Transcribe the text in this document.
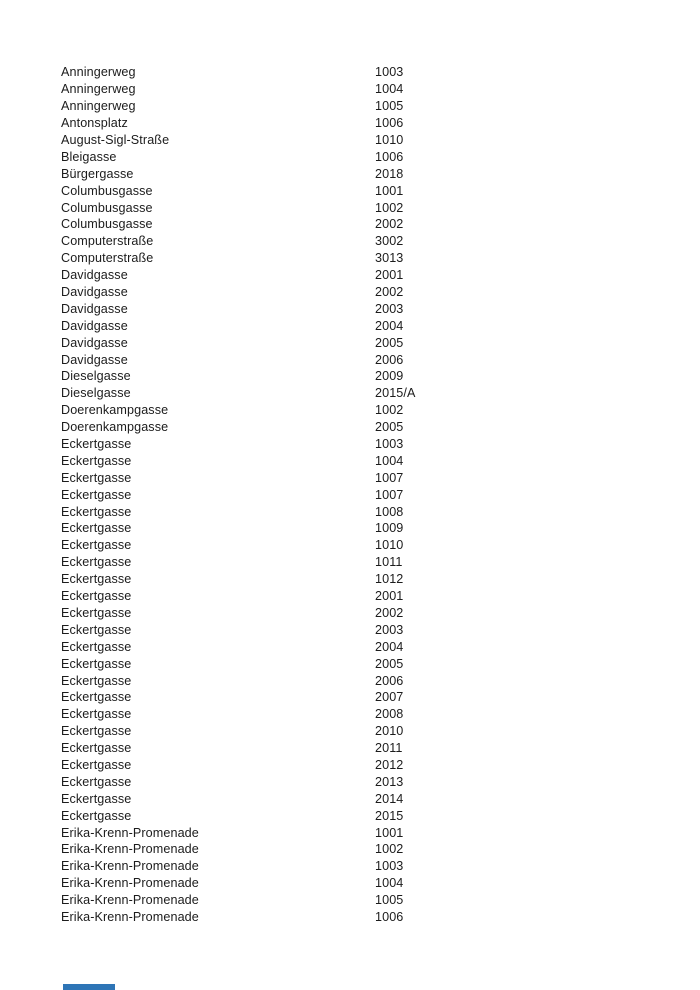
Anningerweg	1003
Anningerweg	1004
Anningerweg	1005
Antonsplatz	1006
August-Sigl-Straße	1010
Bleigasse	1006
Bürgergasse	2018
Columbusgasse	1001
Columbusgasse	1002
Columbusgasse	2002
Computerstraße	3002
Computerstraße	3013
Davidgasse	2001
Davidgasse	2002
Davidgasse	2003
Davidgasse	2004
Davidgasse	2005
Davidgasse	2006
Dieselgasse	2009
Dieselgasse	2015/A
Doerenkampgasse	1002
Doerenkampgasse	2005
Eckertgasse	1003
Eckertgasse	1004
Eckertgasse	1007
Eckertgasse	1007
Eckertgasse	1008
Eckertgasse	1009
Eckertgasse	1010
Eckertgasse	1011
Eckertgasse	1012
Eckertgasse	2001
Eckertgasse	2002
Eckertgasse	2003
Eckertgasse	2004
Eckertgasse	2005
Eckertgasse	2006
Eckertgasse	2007
Eckertgasse	2008
Eckertgasse	2010
Eckertgasse	2011
Eckertgasse	2012
Eckertgasse	2013
Eckertgasse	2014
Eckertgasse	2015
Erika-Krenn-Promenade	1001
Erika-Krenn-Promenade	1002
Erika-Krenn-Promenade	1003
Erika-Krenn-Promenade	1004
Erika-Krenn-Promenade	1005
Erika-Krenn-Promenade	1006
